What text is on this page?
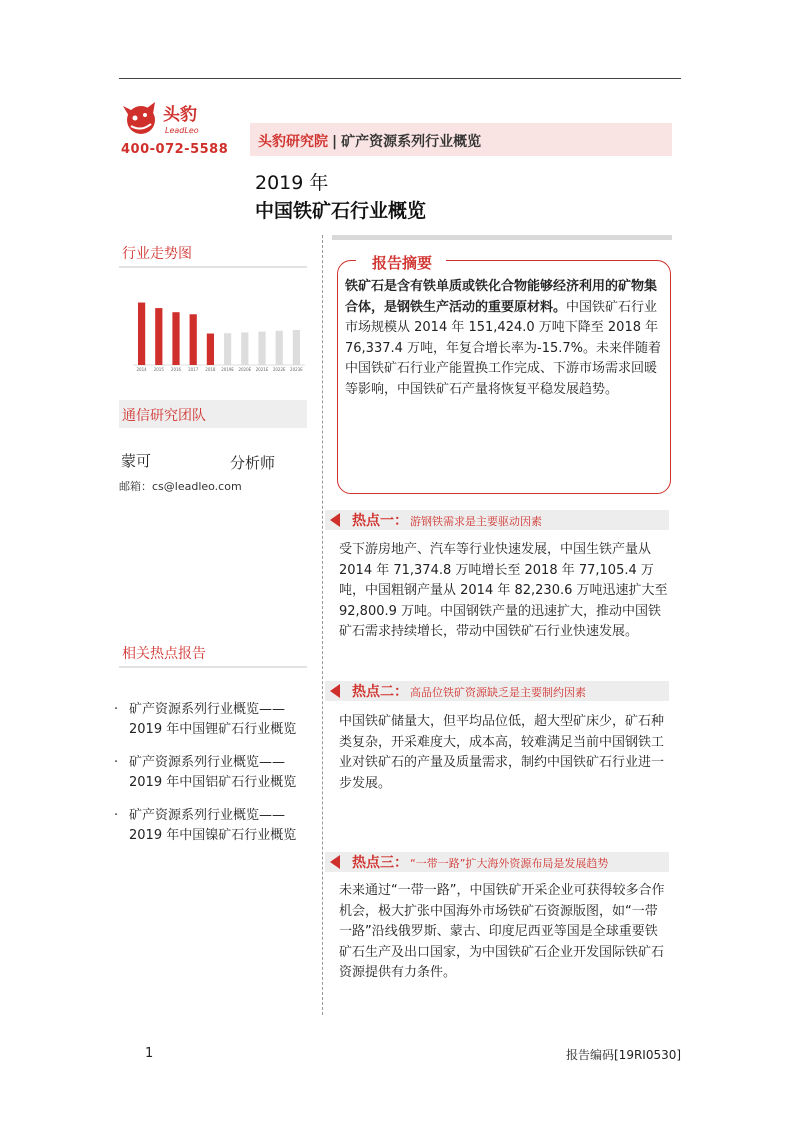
头豹
LeadLeo
400-072-5588 头豹研究院 | 矿产资源系列行业概览
2019 年
中国铁矿石行业概览
行业走势图
2014 2015 2016 2017 2018 2019E 2020E 2021E 2022E 2023E
通信研究团队
蒙可	分析师
邮箱：cs@leadleo.com
相关热点报告
· 矿产资源系列行业概览——
2019 年中国锂矿石行业概览
· 矿产资源系列行业概览——
2019 年中国铝矿石行业概览
· 矿产资源系列行业概览——
2019 年中国镍矿石行业概览
报告摘要
铁矿石是含有铁单质或铁化合物能够经济利用的矿物集合体，是钢铁生产活动的重要原材料。中国铁矿石行业市场规模从 2014 年 151,424.0 万吨下降至 2018 年 76,337.4 万吨，年复合增长率为-15.7%。未来伴随着中国铁矿石行业产能置换工作完成、下游市场需求回暖等影响，中国铁矿石产量将恢复平稳发展趋势。
热点一： 游钢铁需求是主要驱动因素
受下游房地产、汽车等行业快速发展，中国生铁产量从 2014 年 71,374.8 万吨增长至 2018 年 77,105.4 万吨，中国粗钢产量从 2014 年 82,230.6 万吨迅速扩大至 92,800.9 万吨。中国钢铁产量的迅速扩大，推动中国铁矿石需求持续增长，带动中国铁矿石行业快速发展。
热点二： 高品位铁矿资源缺乏是主要制约因素
中国铁矿储量大，但平均品位低，超大型矿床少，矿石种类复杂，开采难度大，成本高，较难满足当前中国钢铁工业对铁矿石的产量及质量需求，制约中国铁矿石行业进一步发展。
热点三： “一带一路”扩大海外资源布局是发展趋势
未来通过“一带一路”，中国铁矿开采企业可获得较多合作机会，极大扩张中国海外市场铁矿石资源版图，如“一带一路”沿线俄罗斯、蒙古、印度尼西亚等国是全球重要铁矿石生产及出口国家，为中国铁矿石企业开发国际铁矿石资源提供有力条件。
1	报告编码[19RI0530]
